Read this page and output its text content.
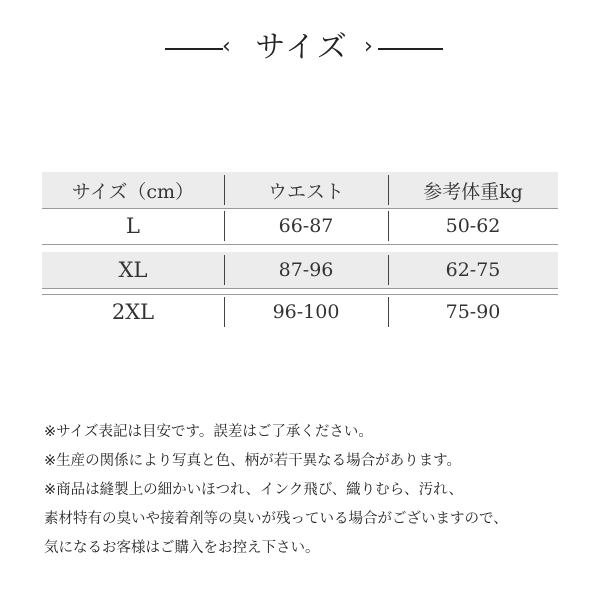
‹ サイズ ›
サイズ（cm）	ウエスト	参考体重kg
L	66-87	50-62
XL	87-96	62-75
2XL	96-100	75-90
※サイズ表記は目安です。誤差はご了承ください。
※生産の関係により写真と色、柄が若干異なる場合があります。
※商品は縫製上の細かいほつれ、インク飛び、織りむら、汚れ、
素材特有の臭いや接着剤等の臭いが残っている場合がございますので、
気になるお客様はご購入をお控え下さい。
